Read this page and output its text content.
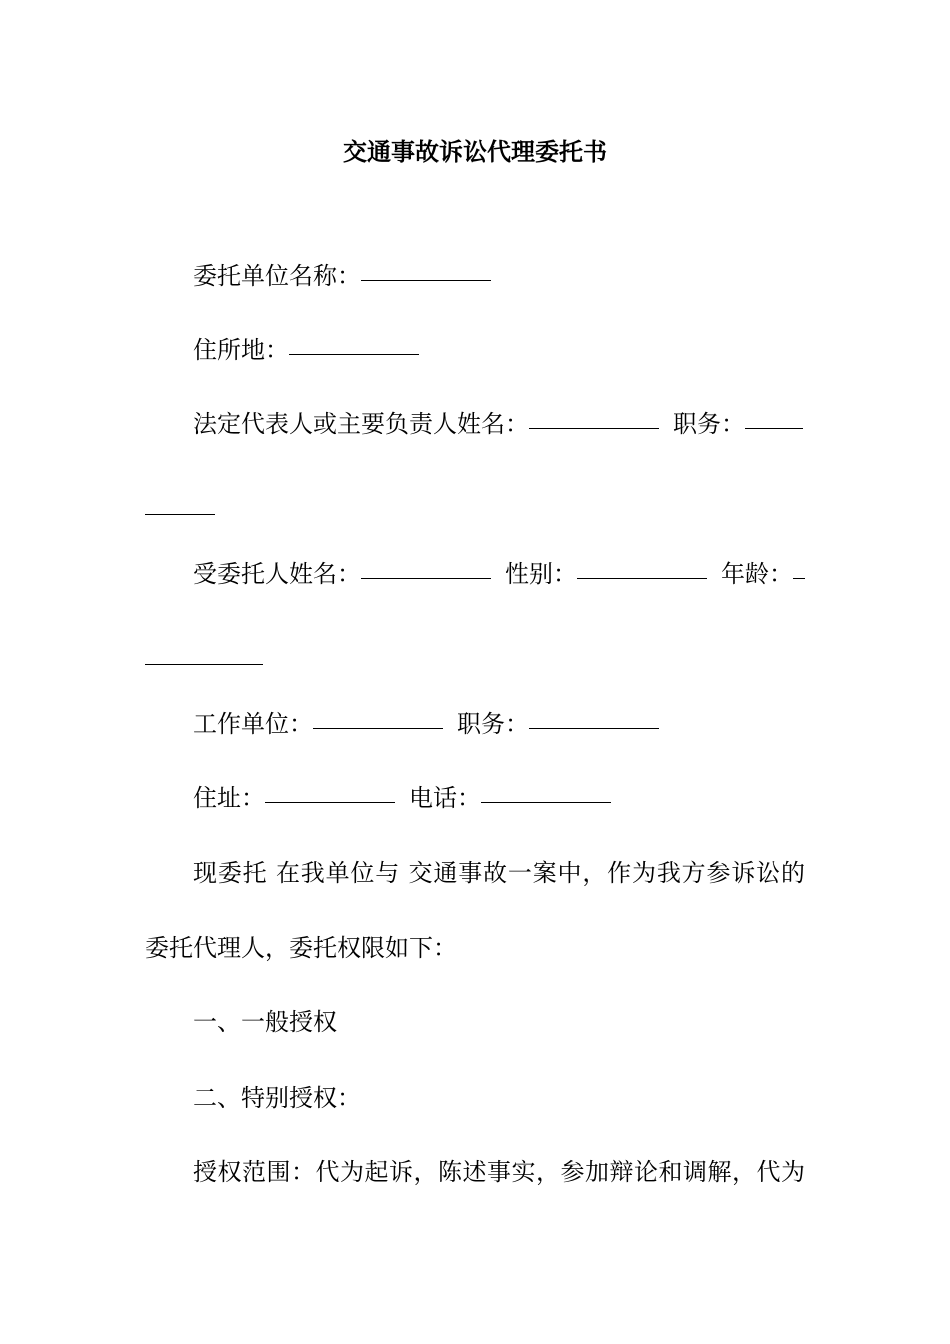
交通事故诉讼代理委托书
委托单位名称：
住所地：
法定代表人或主要负责人姓名：	职务：

受委托人姓名：	性别：	年龄：

工作单位：	职务：
住址：	电话：
现委托 在我单位与 交通事故一案中，作为我方参诉讼的
委托代理人，委托权限如下：
一、一般授权
二、特别授权：
授权范围：代为起诉，陈述事实，参加辩论和调解，代为
